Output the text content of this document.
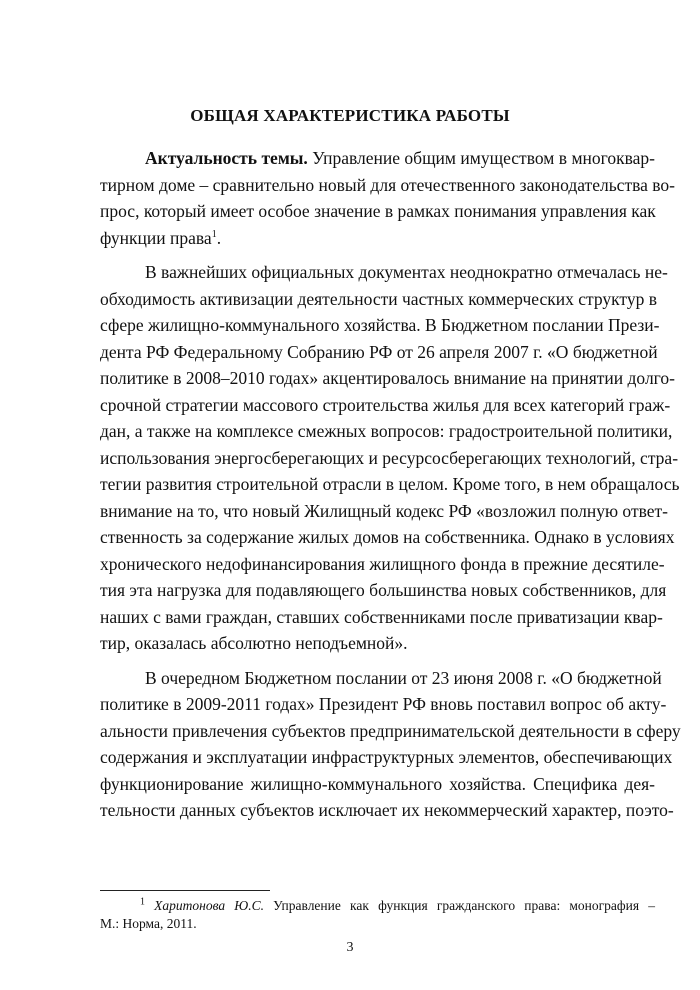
ОБЩАЯ ХАРАКТЕРИСТИКА РАБОТЫ
Актуальность темы. Управление общим имуществом в многоквар-
тирном доме – сравнительно новый для отечественного законодательства во-
прос, который имеет особое значение в рамках понимания управления как
функции права$^1$.
В важнейших официальных документах неоднократно отмечалась не-
обходимость активизации деятельности частных коммерческих структур в
сфере жилищно-коммунального хозяйства. В Бюджетном послании Прези-
дента РФ Федеральному Собранию РФ от 26 апреля 2007 г. «О бюджетной
политике в 2008–2010 годах» акцентировалось внимание на принятии долго-
срочной стратегии массового строительства жилья для всех категорий граж-
дан, а также на комплексе смежных вопросов: градостроительной политики,
использования энергосберегающих и ресурсосберегающих технологий, стра-
тегии развития строительной отрасли в целом. Кроме того, в нем обращалось
внимание на то, что новый Жилищный кодекс РФ «возложил полную ответ-
ственность за содержание жилых домов на собственника. Однако в условиях
хронического недофинансирования жилищного фонда в прежние десятиле-
тия эта нагрузка для подавляющего большинства новых собственников, для
наших с вами граждан, ставших собственниками после приватизации квар-
тир, оказалась абсолютно неподъемной».
В очередном Бюджетном послании от 23 июня 2008 г. «О бюджетной
политике в 2009-2011 годах» Президент РФ вновь поставил вопрос об акту-
альности привлечения субъектов предпринимательской деятельности в сферу
содержания и эксплуатации инфраструктурных элементов, обеспечивающих
функционирование жилищно-коммунального хозяйства. Специфика дея-
тельности данных субъектов исключает их некоммерческий характер, поэто-
$^1$ Харитонова Ю.С. Управление как функция гражданского права: монография –
М.: Норма, 2011.
3
